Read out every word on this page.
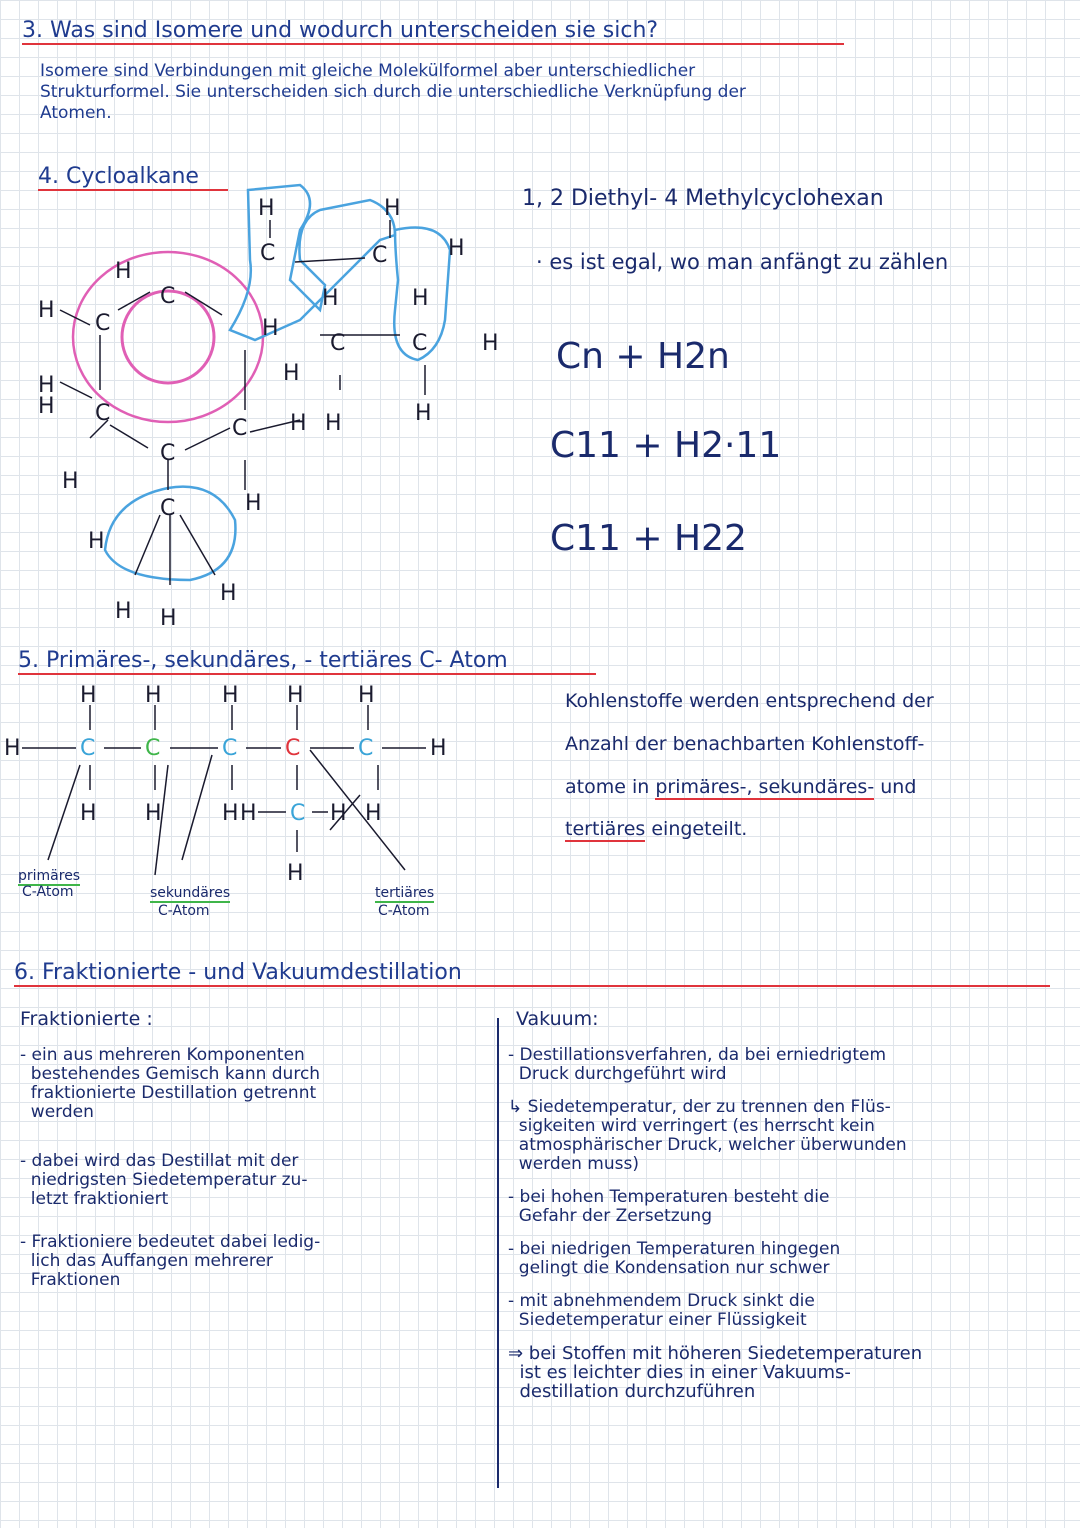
3. Was sind Isomere und wodurch unterscheiden sie sich?
Isomere sind Verbindungen mit gleiche Molekülformel aber unterschiedlicher
Strukturformel. Sie unterscheiden sich durch die unterschiedliche Verknüpfung der
Atomen.
4. Cycloalkane
H
H
H
C
C
H
C
C
H
H
C
H H
H
H
C
H
C
H
H H
H
H
C
H
C	H
H
C H
H
1, 2 Diethyl- 4 Methylcyclohexan
· es ist egal, wo man anfängt zu zählen
Cn + H2n
C11 + H2·11
C11 + H22
5. Primäres-, sekundäres, - tertiäres C- Atom
H H	H H H
H	C C	C C	C	H
H H	H H C H H
H
primäres
C-Atom	sekundäres
C-Atom
tertiäres
C-Atom
Kohlenstoffe werden entsprechend der
Anzahl der benachbarten Kohlenstoff-
atome in primäres-, sekundäres- und
tertiäres eingeteilt.
6. Fraktionierte - und Vakuumdestillation
Fraktionierte :	Vakuum:
- ein aus mehreren Komponenten
bestehendes Gemisch kann durch
fraktionierte Destillation getrennt
werden
- dabei wird das Destillat mit der
niedrigsten Siedetemperatur zu-
letzt fraktioniert
- Fraktioniere bedeutet dabei ledig-
lich das Auffangen mehrerer
Fraktionen
- Destillationsverfahren, da bei erniedrigtem
Druck durchgeführt wird
↳ Siedetemperatur, der zu trennen den Flüs-
sigkeiten wird verringert (es herrscht kein
atmosphärischer Druck, welcher überwunden
werden muss)
- bei hohen Temperaturen besteht die
Gefahr der Zersetzung
- bei niedrigen Temperaturen hingegen
gelingt die Kondensation nur schwer
- mit abnehmendem Druck sinkt die
Siedetemperatur einer Flüssigkeit
⇒ bei Stoffen mit höheren Siedetemperaturen
ist es leichter dies in einer Vakuums-
destillation durchzuführen
